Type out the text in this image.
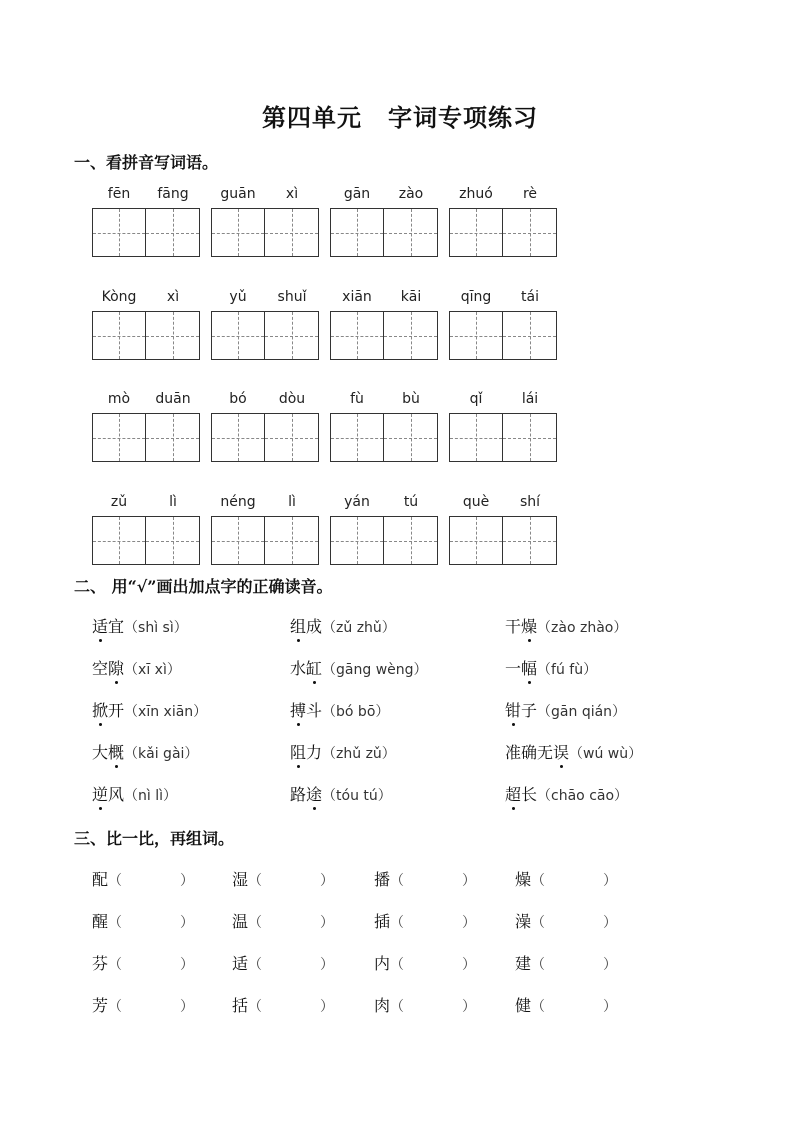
第四单元 字词专项练习
一、看拼音写词语。
fēn	fāng	guān	xì	gān	zào	zhuó	rè
Kòng	xì	yǔ	shuǐ	xiān	kāi	qīng	tái
mò	duān	bó	dòu	fù	bù	qǐ	lái
zǔ	lì	néng	lì	yán	tú	què	shí
二、 用“√”画出加点字的正确读音。
适宜（shì sì）	组成（zǔ zhǔ）	干燥（zào zhào）
空隙（xī xì）	水缸（gāng wèng）	一幅（fú fù）
掀开（xīn xiān）	搏斗（bó bō）	钳子（gān qián）
大概（kǎi gài）	阻力（zhǔ zǔ）	准确无误（wú wù）
逆风（nì lì）	路途（tóu tú）	超长（chāo cāo）
三、比一比，再组词。
配（	） 湿（	） 播（	） 燥（	）
醒（	） 温（	） 插（	） 澡（	）
芬（	） 适（	） 内（	） 建（	）
芳（	） 括（	） 肉（	） 健（	）
